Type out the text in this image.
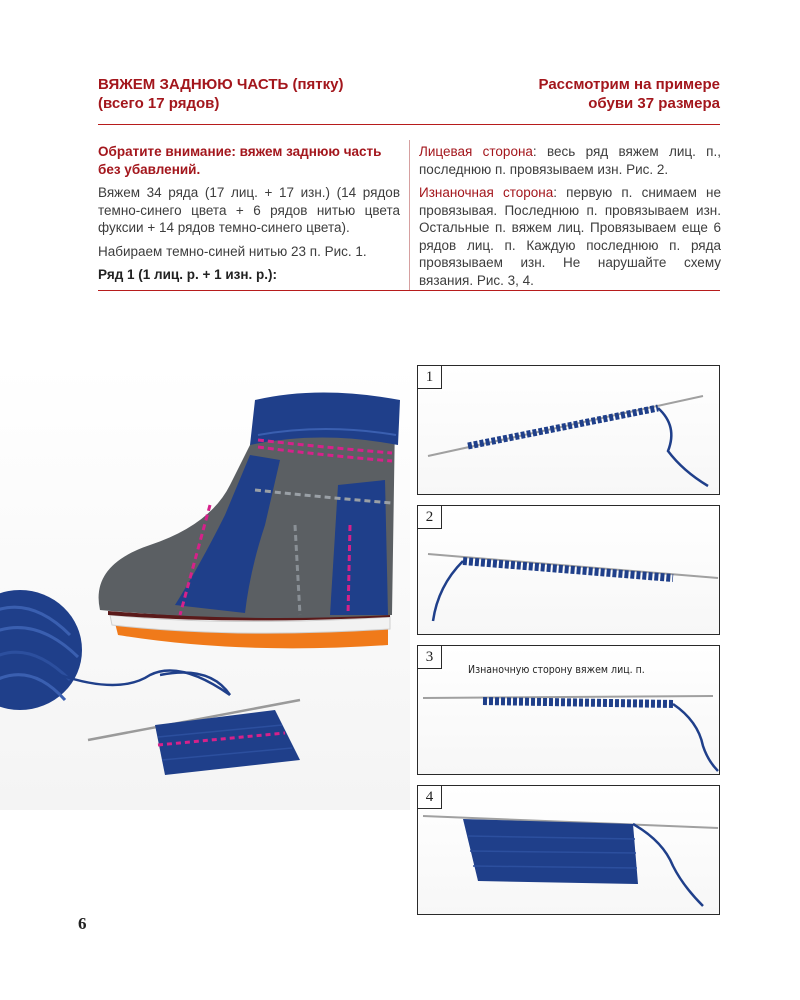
ВЯЖЕМ ЗАДНЮЮ ЧАСТЬ (пятку)
(всего 17 рядов)
Рассмотрим на примере
обуви 37 размера

Обратите внимание: вяжем заднюю часть без убавлений.

Вяжем 34 ряда (17 лиц. + 17 изн.) (14 рядов темно-синего цвета + 6 рядов нитью цвета фуксии + 14 рядов темно-синего цвета).

Набираем темно-синей нитью 23 п. Рис. 1.

Ряд 1 (1 лиц. р. + 1 изн. р.):

Лицевая сторона: весь ряд вяжем лиц. п., последнюю п. провязываем изн. Рис. 2.

Изнаночная сторона: первую п. снимаем не провязывая. Последнюю п. провязываем изн. Остальные п. вяжем лиц. Провязываем еще 6 рядов лиц. п. Каждую последнюю п. ряда провязываем изн. Не нарушайте схему вязания. Рис. 3, 4.

1
2
3
Изнаночную сторону вяжем лиц. п.
4
6
